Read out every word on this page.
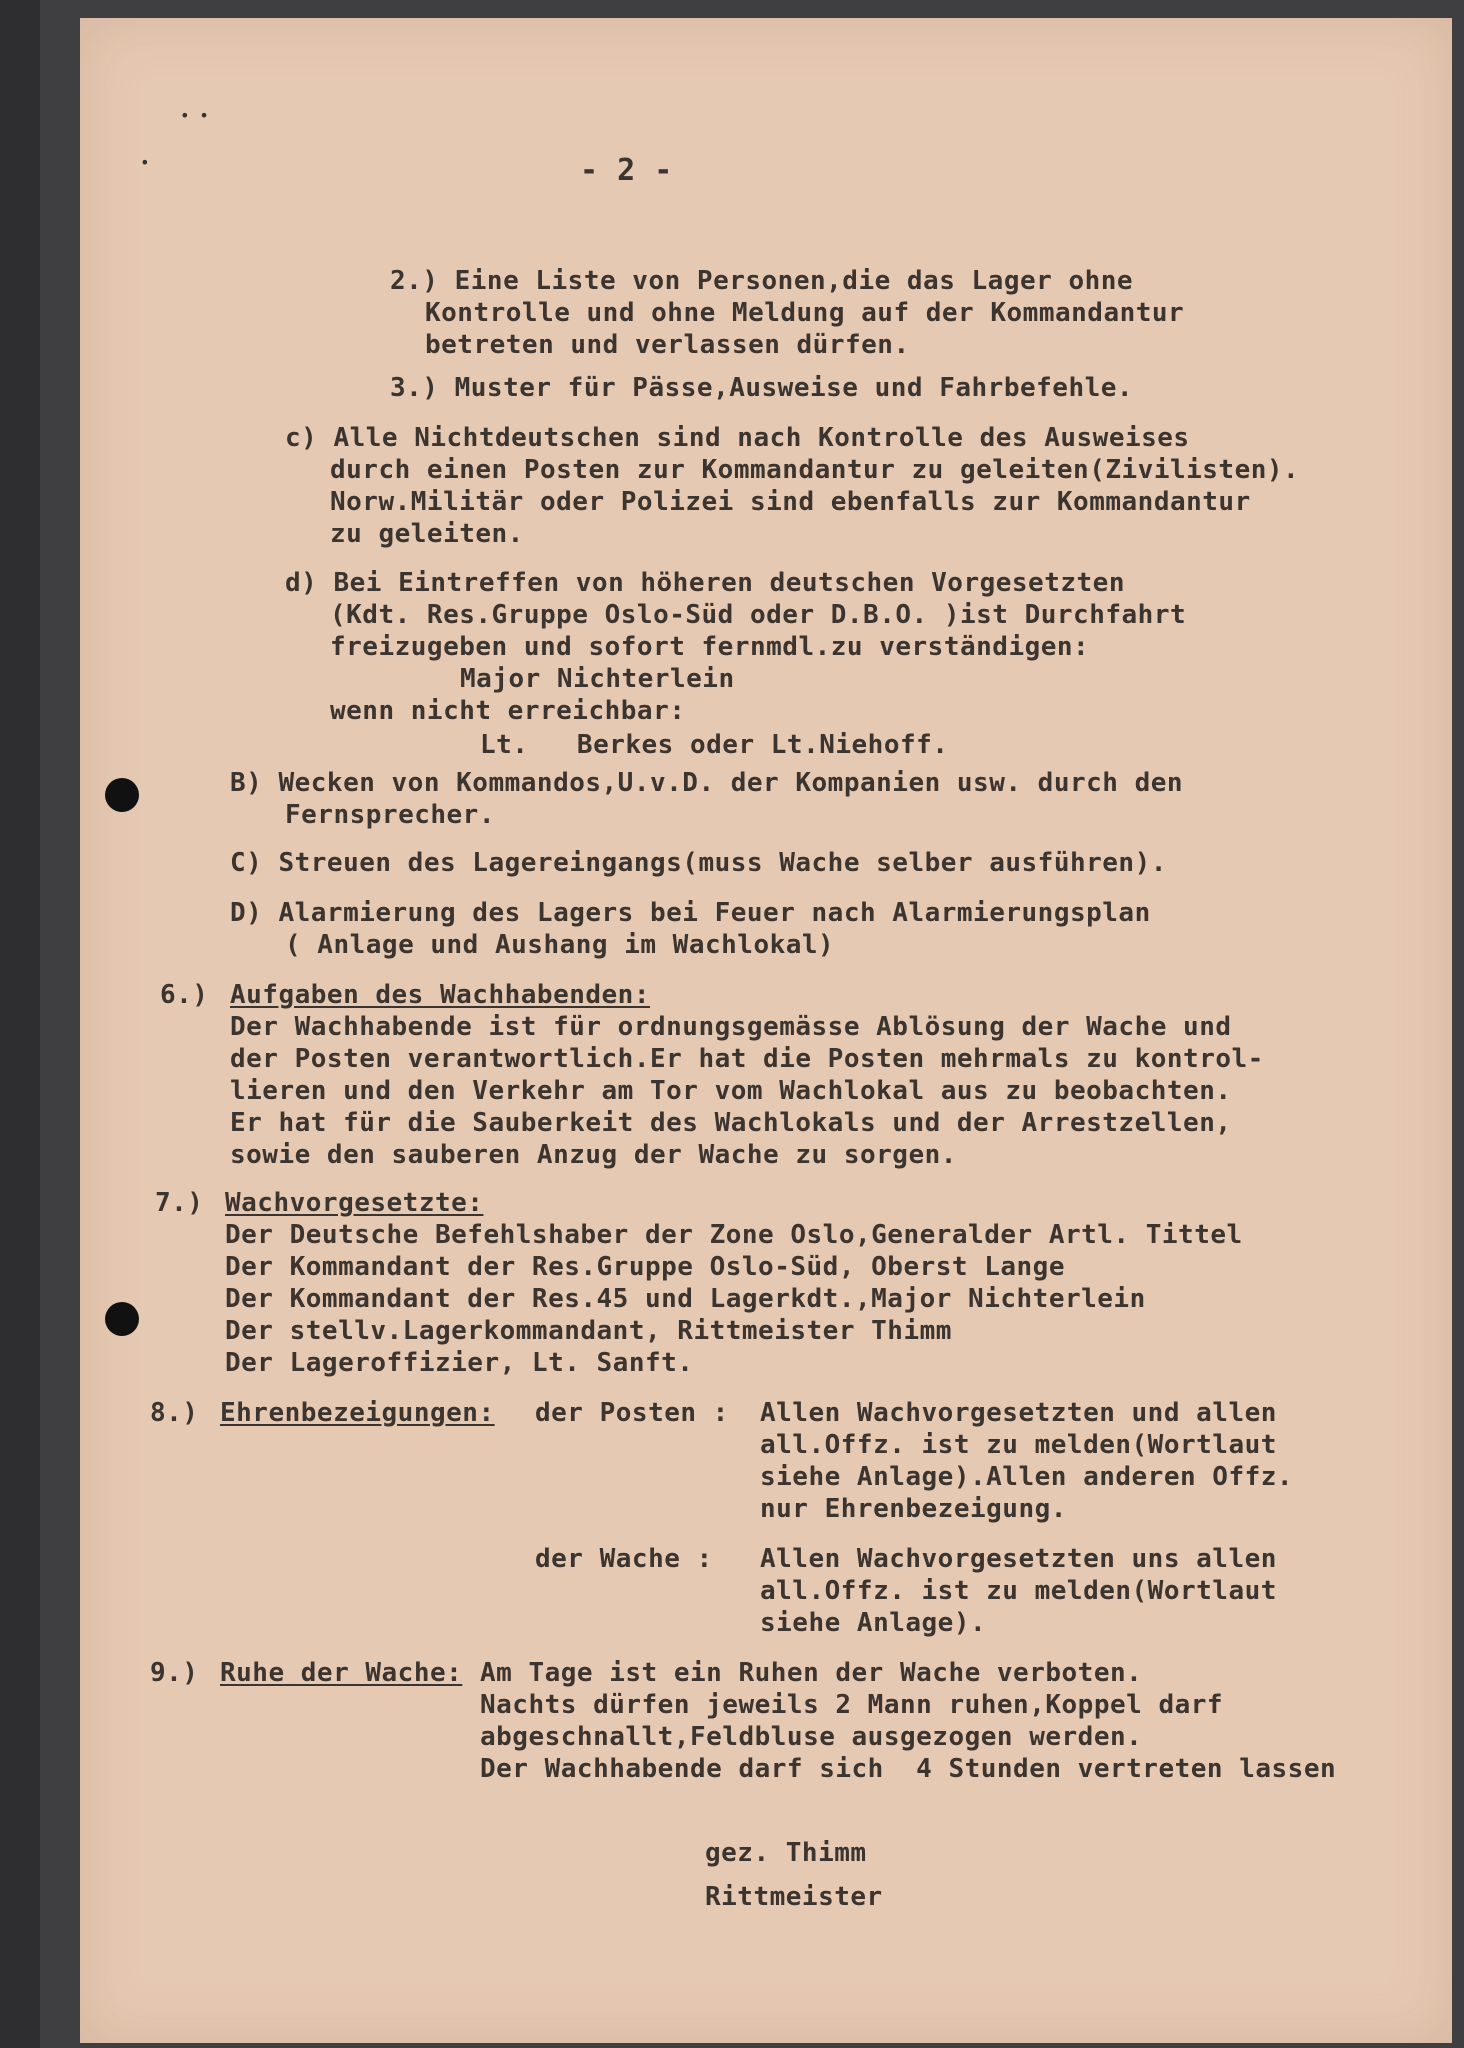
• •
•	- 2 -
2.) Eine Liste von Personen,die das Lager ohne
Kontrolle und ohne Meldung auf der Kommandantur
betreten und verlassen dürfen.
3.) Muster für Pässe,Ausweise und Fahrbefehle.
c) Alle Nichtdeutschen sind nach Kontrolle des Ausweises
durch einen Posten zur Kommandantur zu geleiten(Zivilisten).
Norw.Militär oder Polizei sind ebenfalls zur Kommandantur
zu geleiten.
d) Bei Eintreffen von höheren deutschen Vorgesetzten
(Kdt. Res.Gruppe Oslo-Süd oder D.B.O. )ist Durchfahrt
freizugeben und sofort fernmdl.zu verständigen:
Major Nichterlein
wenn nicht erreichbar:
Lt.   Berkes oder Lt.Niehoff.
B) Wecken von Kommandos,U.v.D. der Kompanien usw. durch den
Fernsprecher.
C) Streuen des Lagereingangs(muss Wache selber ausführen).
D) Alarmierung des Lagers bei Feuer nach Alarmierungsplan
( Anlage und Aushang im Wachlokal)
6.) Aufgaben des Wachhabenden:
Der Wachhabende ist für ordnungsgemässe Ablösung der Wache und
der Posten verantwortlich.Er hat die Posten mehrmals zu kontrol-
lieren und den Verkehr am Tor vom Wachlokal aus zu beobachten.
Er hat für die Sauberkeit des Wachlokals und der Arrestzellen,
sowie den sauberen Anzug der Wache zu sorgen.
7.) Wachvorgesetzte:
Der Deutsche Befehlshaber der Zone Oslo,Generalder Artl. Tittel
Der Kommandant der Res.Gruppe Oslo-Süd, Oberst Lange
Der Kommandant der Res.45 und Lagerkdt.,Major Nichterlein
Der stellv.Lagerkommandant, Rittmeister Thimm
Der Lageroffizier, Lt. Sanft.
8.) Ehrenbezeigungen: der Posten : Allen Wachvorgesetzten und allen
all.Offz. ist zu melden(Wortlaut
siehe Anlage).Allen anderen Offz.
nur Ehrenbezeigung.
der Wache : Allen Wachvorgesetzten uns allen
all.Offz. ist zu melden(Wortlaut
siehe Anlage).
9.) Ruhe der Wache: Am Tage ist ein Ruhen der Wache verboten.
Nachts dürfen jeweils 2 Mann ruhen,Koppel darf
abgeschnallt,Feldbluse ausgezogen werden.
Der Wachhabende darf sich  4 Stunden vertreten lassen
gez. Thimm
Rittmeister
